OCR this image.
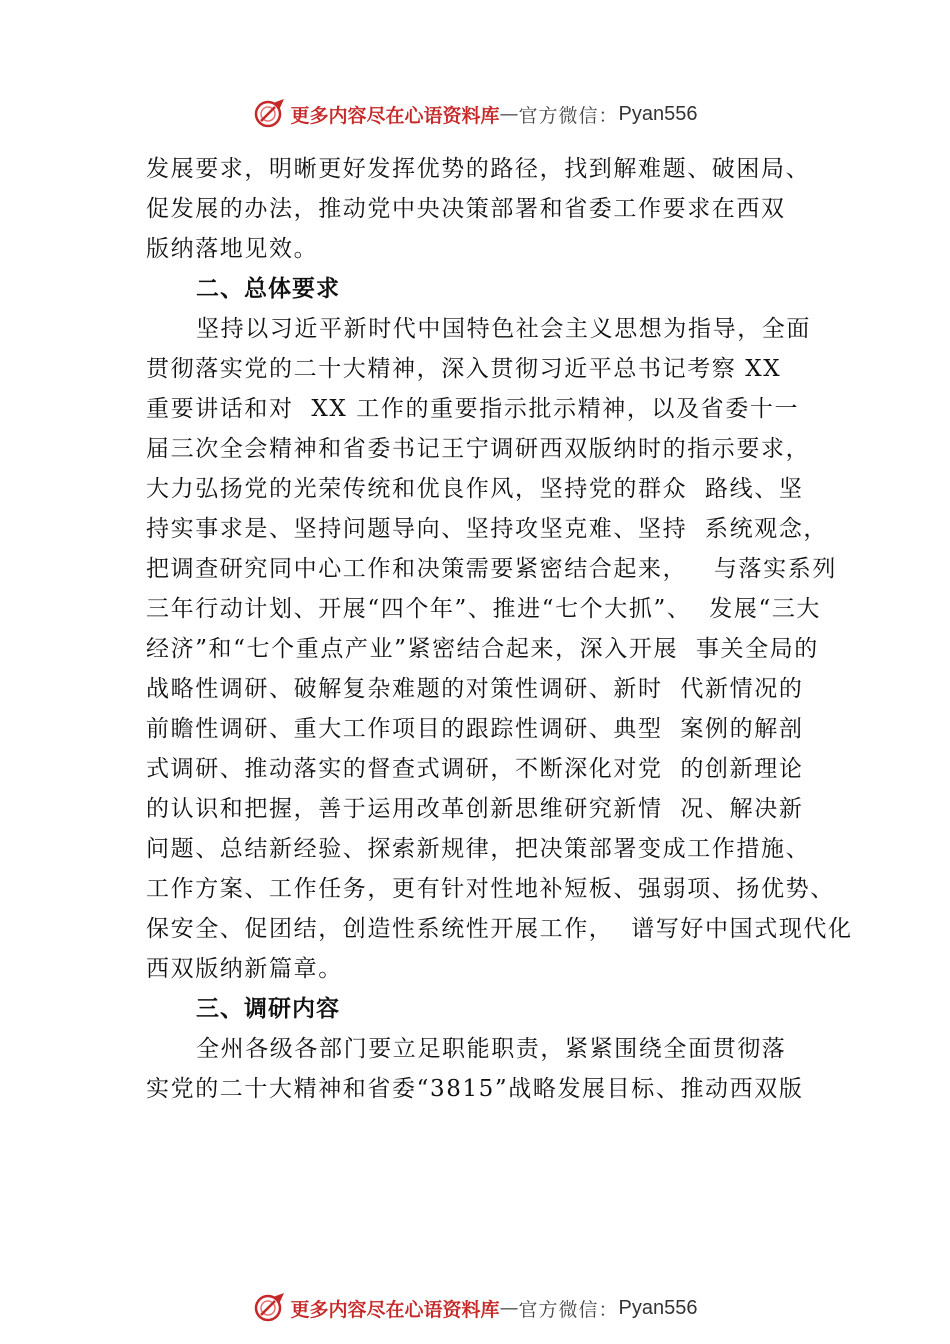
更多内容尽在心语资料库 — 官方微信： Pyan556
发展要求，明晰更好发挥优势的路径，找到解难题、破困局、
促发展的办法，推动党中央决策部署和省委工作要求在西双
版纳落地见效。
二、总体要求
坚持以习近平新时代中国特色社会主义思想为指导，全面
贯彻落实党的二十大精神，深入贯彻习近平总书记考察 XX
重要讲话和对  XX 工作的重要指示批示精神，以及省委十一
届三次全会精神和省委书记王宁调研西双版纳时的指示要求，
大力弘扬党的光荣传统和优良作风，坚持党的群众  路线、坚
持实事求是、坚持问题导向、坚持攻坚克难、坚持  系统观念，
把调查研究同中心工作和决策需要紧密结合起来，   与落实系列
三年行动计划、开展“四个年”、推进“七个大抓”、  发展“三大
经济”和“七个重点产业”紧密结合起来，深入开展  事关全局的
战略性调研、破解复杂难题的对策性调研、新时  代新情况的
前瞻性调研、重大工作项目的跟踪性调研、典型  案例的解剖
式调研、推动落实的督查式调研，不断深化对党  的创新理论
的认识和把握，善于运用改革创新思维研究新情  况、解决新
问题、总结新经验、探索新规律，把决策部署变成工作措施、
工作方案、工作任务，更有针对性地补短板、强弱项、扬优势、
保安全、促团结，创造性系统性开展工作，  谱写好中国式现代化
西双版纳新篇章。
三、调研内容
全州各级各部门要立足职能职责，紧紧围绕全面贯彻落
实党的二十大精神和省委“3815”战略发展目标、推动西双版
更多内容尽在心语资料库 — 官方微信： Pyan556
